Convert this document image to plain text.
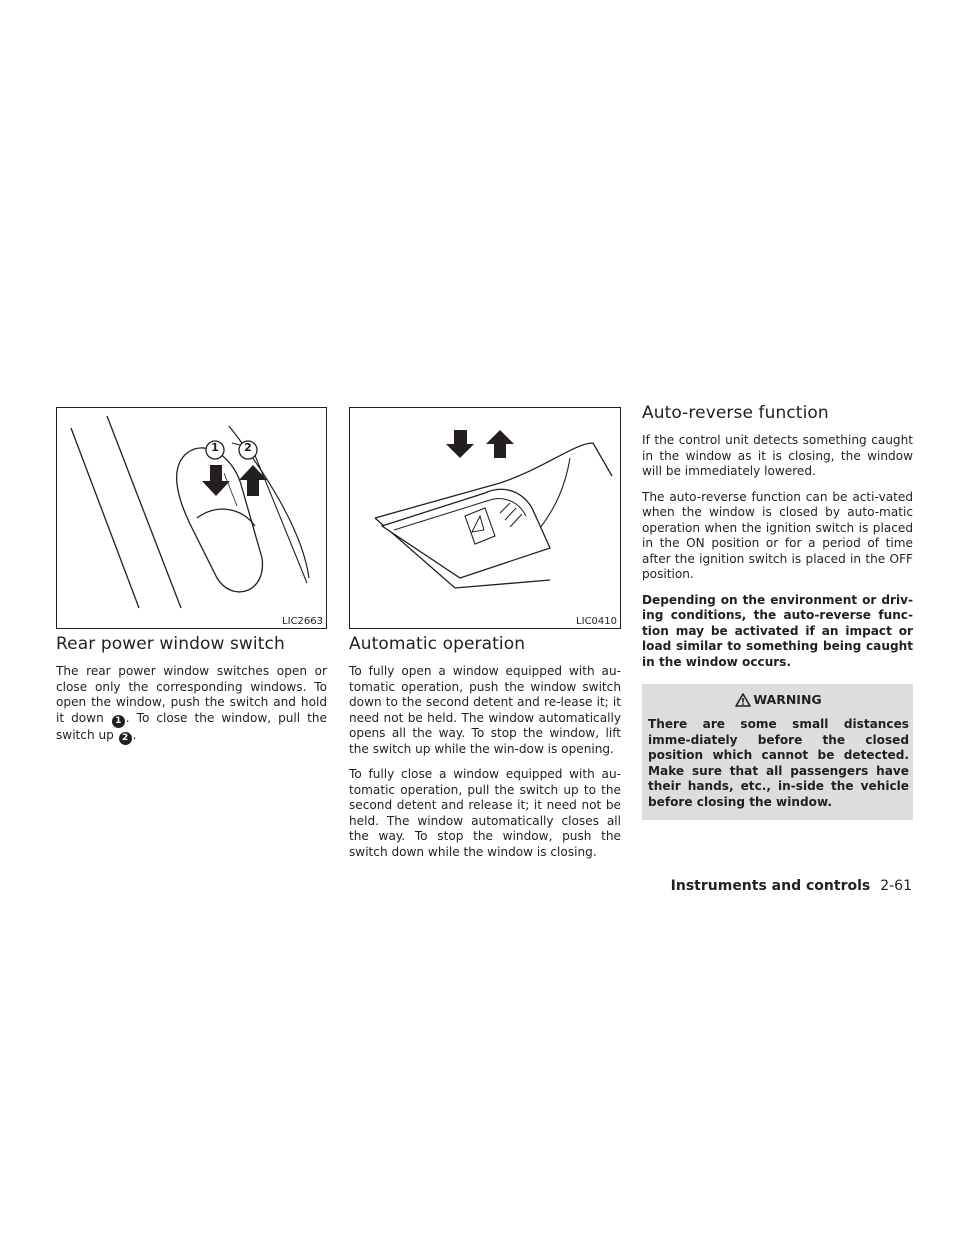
1 2
LIC2663	LIC0410
Rear power window switch

The rear power window switches open or close only the corresponding windows. To open the window, push the switch and hold it down 1 . To close the window, pull the switch up 2 .

Automatic operation

To fully open a window equipped with au-tomatic operation, push the window switch down to the second detent and re-lease it; it need not be held. The window automatically opens all the way. To stop the window, lift the switch up while the win-dow is opening.

To fully close a window equipped with au-tomatic operation, pull the switch up to the second detent and release it; it need not be held. The window automatically closes all the way. To stop the window, push the switch down while the window is closing.

Auto-reverse function

If the control unit detects something caught in the window as it is closing, the window will be immediately lowered.

The auto-reverse function can be acti-vated when the window is closed by auto-matic operation when the ignition switch is placed in the ON position or for a period of time after the ignition switch is placed in the OFF position.

Depending on the environment or driv-ing conditions, the auto-reverse func-tion may be activated if an impact or load similar to something being caught in the window occurs.

WARNING

There are some small distances imme-diately before the closed position which cannot be detected. Make sure that all passengers have their hands, etc., in-side the vehicle before closing the window.

Instruments and controls 2-61
